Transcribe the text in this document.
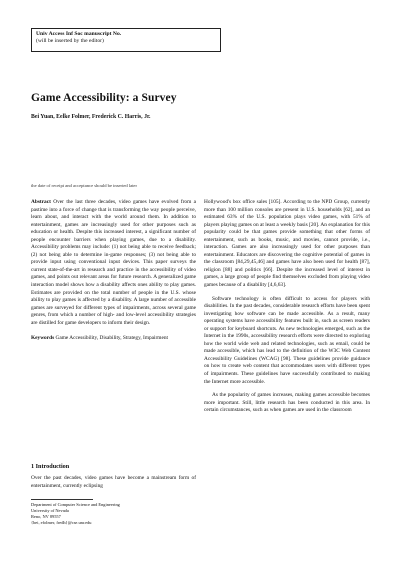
Univ Access Inf Soc manuscript No.
(will be inserted by the editor)
Game Accessibility: a Survey
Bei Yuan, Eelke Folmer, Frederick C. Harris, Jr.
the date of receipt and acceptance should be inserted later
Abstract Over the last three decades, video games have evolved from a pastime into a force of change that is transforming the way people perceive, learn about, and interact with the world around them. In addition to entertainment, games are increasingly used for other purposes such as education or health. Despite this increased interest, a significant number of people encounter barriers when playing games, due to a disability. Accessibility problems may include: (1) not being able to receive feedback; (2) not being able to determine in-game responses; (3) not being able to provide input using conventional input devices. This paper surveys the current state-of-the-art in research and practice in the accessibility of video games, and points out relevant areas for future research. A generalized game interaction model shows how a disability affects ones ability to play games. Estimates are provided on the total number of people in the U.S. whose ability to play games is affected by a disability. A large number of accessible games are surveyed for different types of impairments, across several game genres, from which a number of high- and low-level accessibility strategies are distilled for game developers to inform their design.
Keywords Game Accessibility, Disability, Strategy, Impairment
1 Introduction
Over the past decades, video games have become a mainstream form of entertainment, currently eclipsing
Department of Computer Science and Engineering
University of Nevada
Reno, NV 89557
{bei, efolmer, fredh}@cse.unr.edu
Hollywood's box office sales [105]. According to the NPD Group, currently more than 100 million consoles are present in U.S. households [62], and an estimated 63% of the U.S. population plays video games, with 51% of players playing games on at least a weekly basis [20]. An explanation for this popularity could be that games provide something that other forms of entertainment, such as books, music, and movies, cannot provide, i.e., interaction. Games are also increasingly used for other purposes than entertainment. Educators are discovering the cognitive potential of games in the classroom [84,29,45,46] and games have also been used for health [87], religion [88] and politics [66]. Despite the increased level of interest in games, a large group of people find themselves excluded from playing video games because of a disability [4,6,63].
Software technology is often difficult to access for players with disabilities. In the past decades, considerable research efforts have been spent investigating how software can be made accessible. As a result, many operating systems have accessibility features built in, such as screen readers or support for keyboard shortcuts. As new technologies emerged, such as the Internet in the 1990s, accessibility research efforts were directed to exploring how the world wide web and related technologies, such as email, could be made accessible, which has lead to the definition of the W3C Web Content Accessibility Guidelines (WCAG) [98]. These guidelines provide guidance on how to create web content that accommodates users with different types of impairments. These guidelines have successfully contributed to making the Internet more accessible.
As the popularity of games increases, making games accessible becomes more important. Still, little research has been conducted in this area. In certain circumstances, such as when games are used in the classroom
